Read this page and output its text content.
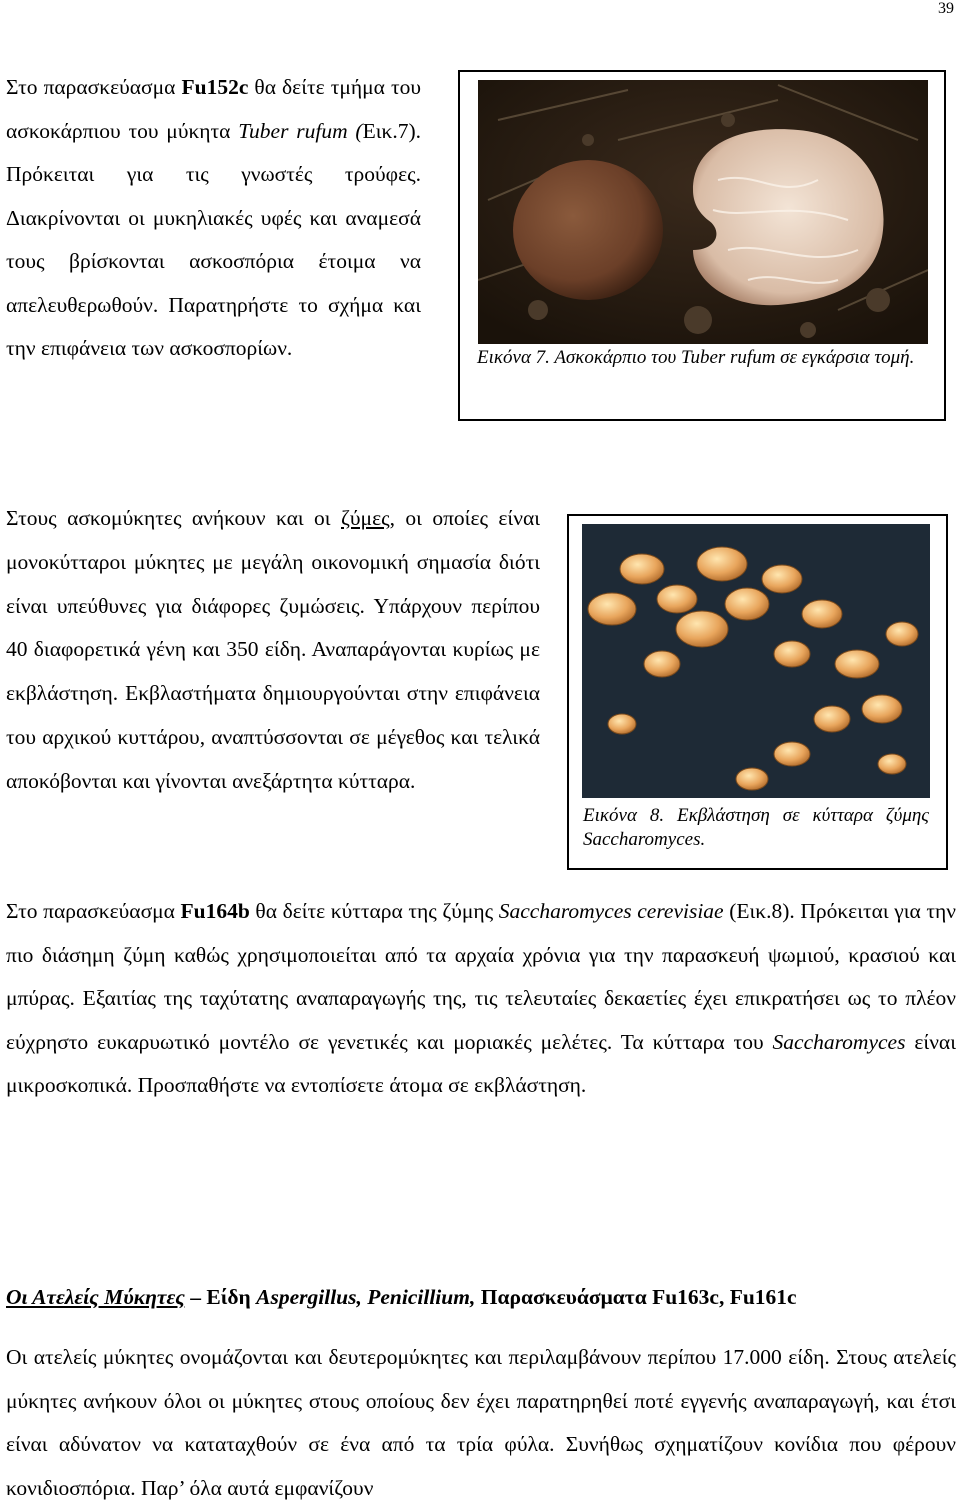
39
Στο παρασκεύασμα Fu152c θα δείτε τμήμα του ασκοκάρπιου του μύκητα Tuber rufum (Εικ.7). Πρόκειται για τις γνωστές τρούφες. Διακρίνονται οι μυκηλιακές υφές και αναμεσά τους βρίσκονται ασκοσπόρια έτοιμα να απελευθερωθούν. Παρατηρήστε το σχήμα και την επιφάνεια των ασκοσπορίων.	Εικόνα 7. Ασκοκάρπιο του Tuber rufum σε εγκάρσια τομή.
Στους ασκομύκητες ανήκουν και οι ζύμες, οι οποίες είναι μονοκύτταροι μύκητες με μεγάλη οικονομική σημασία διότι είναι υπεύθυνες για διάφορες ζυμώσεις. Υπάρχουν περίπου 40 διαφορετικά γένη και 350 είδη. Αναπαράγονται κυρίως με εκβλάστηση. Εκβλαστήματα δημιουργούνται στην επιφάνεια του αρχικού κυττάρου, αναπτύσσονται σε μέγεθος και τελικά αποκόβονται και γίνονται ανεξάρτητα κύτταρα.
Εικόνα 8. Εκβλάστηση σε κύτταρα ζύμης Saccharomyces.
Στο παρασκεύασμα Fu164b θα δείτε κύτταρα της ζύμης Saccharomyces cerevisiae (Εικ.8). Πρόκειται για την πιο διάσημη ζύμη καθώς χρησιμοποιείται από τα αρχαία χρόνια για την παρασκευή ψωμιού, κρασιού και μπύρας. Εξαιτίας της ταχύτατης αναπαραγωγής της, τις τελευταίες δεκαετίες έχει επικρατήσει ως το πλέον εύχρηστο ευκαρυωτικό μοντέλο σε γενετικές και μοριακές μελέτες. Τα κύτταρα του Saccharomyces είναι μικροσκοπικά. Προσπαθήστε να εντοπίσετε άτομα σε εκβλάστηση.
Οι Ατελείς Μύκητες – Είδη Aspergillus, Penicillium, Παρασκευάσματα Fu163c, Fu161c
Οι ατελείς μύκητες ονομάζονται και δευτερομύκητες και περιλαμβάνουν περίπου 17.000 είδη. Στους ατελείς μύκητες ανήκουν όλοι οι μύκητες στους οποίους δεν έχει παρατηρηθεί ποτέ εγγενής αναπαραγωγή, και έτσι είναι αδύνατον να καταταχθούν σε ένα από τα τρία φύλα. Συνήθως σχηματίζουν κονίδια που φέρουν κονιδιοσπόρια. Παρ’ όλα αυτά εμφανίζουν
